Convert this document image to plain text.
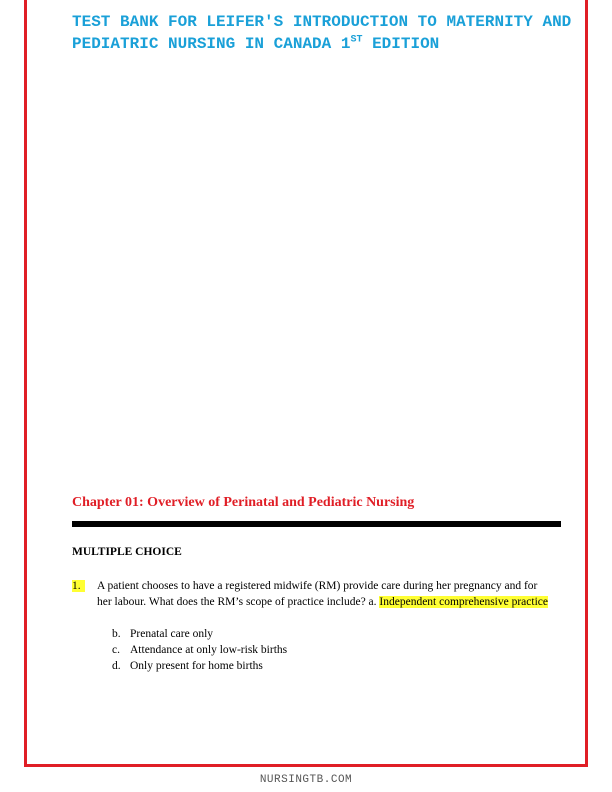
TEST BANK FOR LEIFER'S INTRODUCTION TO MATERNITY AND PEDIATRIC NURSING IN CANADA 1ST EDITION
Chapter 01: Overview of Perinatal and Pediatric Nursing
MULTIPLE CHOICE
1.	A patient chooses to have a registered midwife (RM) provide care during her pregnancy and for her labour. What does the RM’s scope of practice include? a. Independent comprehensive practice
b. Prenatal care only
c. Attendance at only low-risk births
d. Only present for home births
NURSINGTB.COM
